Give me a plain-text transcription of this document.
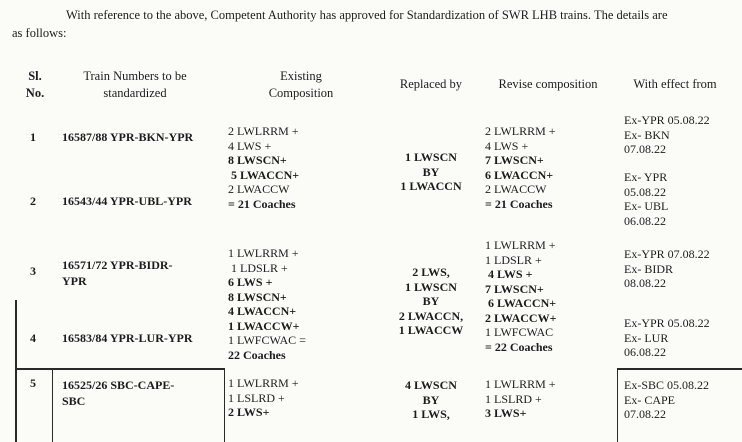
With reference to the above, Competent Authority has approved for Standardization of SWR LHB trains. The details are
as follows:
Sl.
No.
Train Numbers to be
standardized
Existing
Composition
Replaced by	Revise composition	With effect from
1 16587/88 YPR-BKN-YPR
Ex-YPR 05.08.22
Ex- BKN
07.08.22
2 16543/44 YPR-UBL-YPR
Ex- YPR
05.08.22
Ex- UBL
06.08.22
2 LWLRRM +
4 LWS +
8 LWSCN+
5 LWACCN+
2 LWACCW
= 21 Coaches
1 LWSCN
BY
1 LWACCN
2 LWLRRM +
4 LWS +
7 LWSCN+
6 LWACCN+
2 LWACCW
= 21 Coaches
3 16571/72 YPR-BIDR-
YPR
Ex-YPR 07.08.22
Ex- BIDR
08.08.22
4 16583/84 YPR-LUR-YPR
Ex-YPR 05.08.22
Ex- LUR
06.08.22
1 LWLRRM +
1 LDSLR +
6 LWS +
8 LWSCN+
4 LWACCN+
1 LWACCW+
1 LWFCWAC =
22 Coaches
2 LWS,
1 LWSCN
BY
2 LWACCN,
1 LWACCW
1 LWLRRM +
1 LDSLR +
4 LWS +
7 LWSCN+
6 LWACCN+
2 LWACCW+
1 LWFCWAC
= 22 Coaches
5 16525/26 SBC-CAPE-
SBC
Ex-SBC 05.08.22
Ex- CAPE
07.08.22
1 LWLRRM +
1 LSLRD +
2 LWS+
4 LWSCN
BY
1 LWS,
1 LWLRRM +
1 LSLRD +
3 LWS+
